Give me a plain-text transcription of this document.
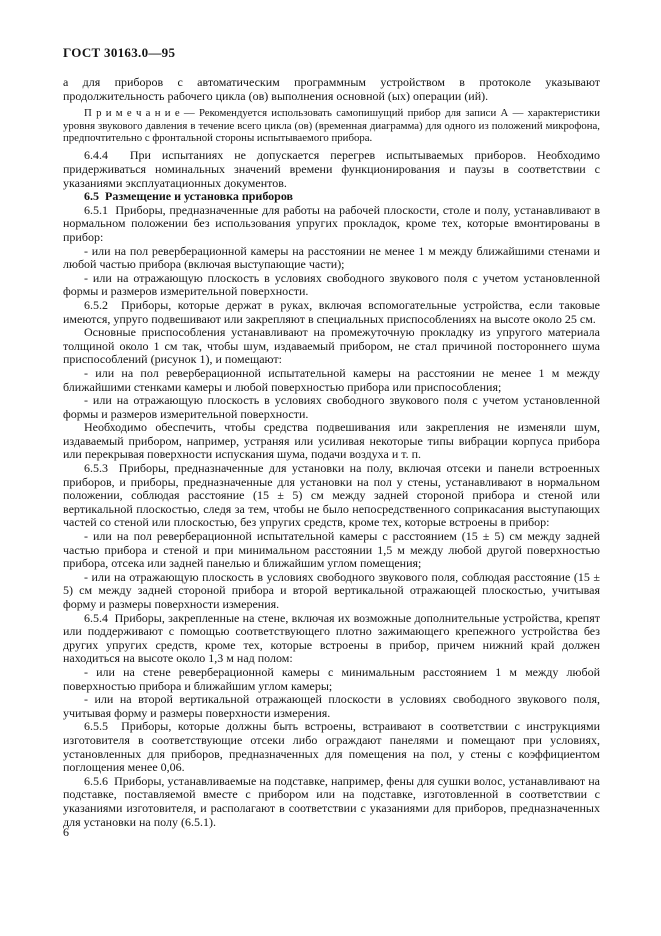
ГОСТ 30163.0—95

а для приборов с автоматическим программным устройством в протоколе указывают продолжительность рабочего цикла (ов) выполнения основной (ых) операции (ий).

П р и м е ч а н и е — Рекомендуется использовать самопишущий прибор для записи А — характеристики уровня звукового давления в течение всего цикла (ов) (временная диаграмма) для одного из положений микрофона, предпочтительно с фронтальной стороны испытываемого прибора.

6.4.4  При испытаниях не допускается перегрев испытываемых приборов. Необходимо придерживаться номинальных значений времени функционирования и паузы в соответствии с указаниями эксплуатационных документов.

6.5  Размещение и установка приборов

6.5.1  Приборы, предназначенные для работы на рабочей плоскости, столе и полу, устанавливают в нормальном положении без использования упругих прокладок, кроме тех, которые вмонтированы в прибор:

- или на пол реверберационной камеры на расстоянии не менее 1 м между ближайшими стенами и любой частью прибора (включая выступающие части);

- или на отражающую плоскость в условиях свободного звукового поля с учетом установленной формы и размеров измерительной поверхности.

6.5.2  Приборы, которые держат в руках, включая вспомогательные устройства, если таковые имеются, упруго подвешивают или закрепляют в специальных приспособлениях на высоте около 25 см.

Основные приспособления устанавливают на промежуточную прокладку из упругого материала толщиной около 1 см так, чтобы шум, издаваемый прибором, не стал причиной постороннего шума приспособлений (рисунок 1), и помещают:

- или на пол реверберационной испытательной камеры на расстоянии не менее 1 м между ближайшими стенками камеры и любой поверхностью прибора или приспособления;

- или на отражающую плоскость в условиях свободного звукового поля с учетом установленной формы и размеров измерительной поверхности.

Необходимо обеспечить, чтобы средства подвешивания или закрепления не изменяли шум, издаваемый прибором, например, устраняя или усиливая некоторые типы вибрации корпуса прибора или перекрывая поверхности испускания шума, подачи воздуха и т. п.

6.5.3  Приборы, предназначенные для установки на полу, включая отсеки и панели встроенных приборов, и приборы, предназначенные для установки на пол у стены, устанавливают в нормальном положении, соблюдая расстояние (15 ± 5) см между задней стороной прибора и стеной или вертикальной плоскостью, следя за тем, чтобы не было непосредственного соприкасания выступающих частей со стеной или плоскостью, без упругих средств, кроме тех, которые встроены в прибор:

- или на пол реверберационной испытательной камеры с расстоянием (15 ± 5) см между задней частью прибора и стеной и при минимальном расстоянии 1,5 м между любой другой поверхностью прибора, отсека или задней панелью и ближайшим углом помещения;

- или на отражающую плоскость в условиях свободного звукового поля, соблюдая расстояние (15 ± 5) см между задней стороной прибора и второй вертикальной отражающей плоскостью, учитывая форму и размеры поверхности измерения.

6.5.4  Приборы, закрепленные на стене, включая их возможные дополнительные устройства, крепят или поддерживают с помощью соответствующего плотно зажимающего крепежного устройства без других упругих средств, кроме тех, которые встроены в прибор, причем нижний край должен находиться на высоте около 1,3 м над полом:

- или на стене реверберационной камеры с минимальным расстоянием 1 м между любой поверхностью прибора и ближайшим углом камеры;

- или на второй вертикальной отражающей плоскости в условиях свободного звукового поля, учитывая форму и размеры поверхности измерения.

6.5.5  Приборы, которые должны быть встроены, встраивают в соответствии с инструкциями изготовителя в соответствующие отсеки либо ограждают панелями и помещают при условиях, установленных для приборов, предназначенных для помещения на пол, у стены с коэффициентом поглощения менее 0,06.

6.5.6  Приборы, устанавливаемые на подставке, например, фены для сушки волос, устанавливают на подставке, поставляемой вместе с прибором или на подставке, изготовленной в соответствии с указаниями изготовителя, и располагают в соответствии с указаниями для приборов, предназначенных для установки на полу (6.5.1).

6
